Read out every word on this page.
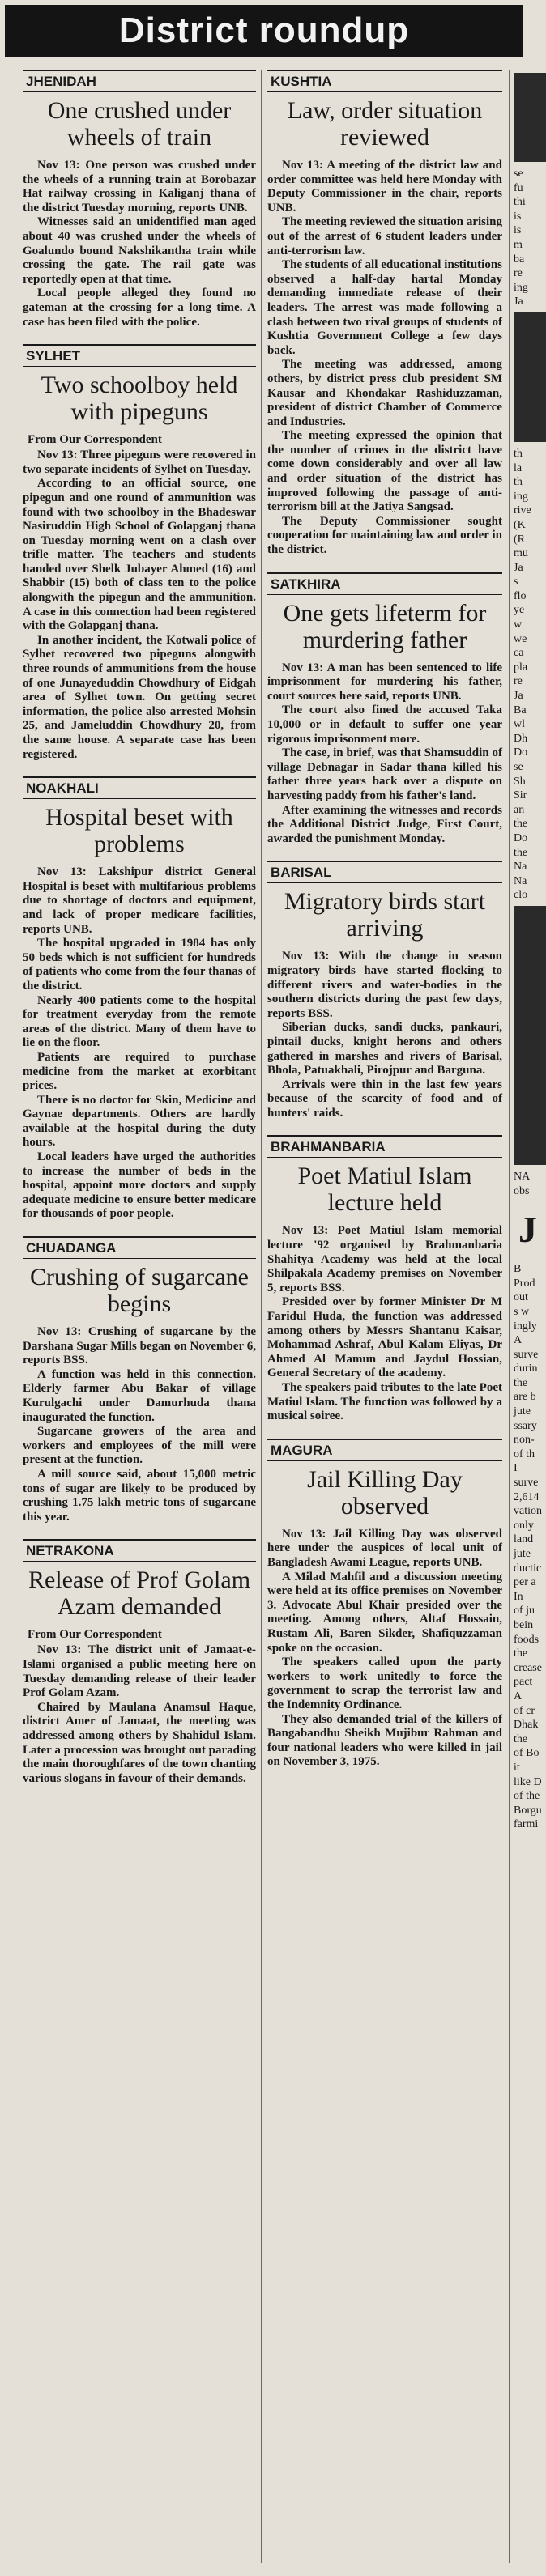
District roundup
JHENIDAH
One crushed under wheels of train

Nov 13: One person was crushed under the wheels of a running train at Borobazar Hat railway crossing in Kaliganj thana of the district Tuesday morning, reports UNB.

Witnesses said an unidentified man aged about 40 was crushed under the wheels of Goalundo bound Nakshikantha train while crossing the gate. The rail gate was reportedly open at that time.

Local people alleged they found no gateman at the crossing for a long time. A case has been filed with the police.

SYLHET
Two schoolboy held with pipeguns
From Our Correspondent

Nov 13: Three pipeguns were recovered in two separate incidents of Sylhet on Tuesday.

According to an official source, one pipegun and one round of ammunition was found with two schoolboy in the Bhadeswar Nasiruddin High School of Golapganj thana on Tuesday morning went on a clash over trifle matter. The teachers and students handed over Shelk Jubayer Ahmed (16) and Shabbir (15) both of class ten to the police alongwith the pipegun and the ammunition. A case in this connection had been registered with the Golapganj thana.

In another incident, the Kotwali police of Sylhet recovered two pipeguns alongwith three rounds of ammunitions from the house of one Junayeduddin Chowdhury of Eidgah area of Sylhet town. On getting secret information, the police also arrested Mohsin 25, and Jameluddin Chowdhury 20, from the same house. A separate case has been registered.

NOAKHALI
Hospital beset with problems

Nov 13: Lakshipur district General Hospital is beset with multifarious problems due to shortage of doctors and equipment, and lack of proper medicare facilities, reports UNB.

The hospital upgraded in 1984 has only 50 beds which is not sufficient for hundreds of patients who come from the four thanas of the district.

Nearly 400 patients come to the hospital for treatment everyday from the remote areas of the district. Many of them have to lie on the floor.

Patients are required to purchase medicine from the market at exorbitant prices.

There is no doctor for Skin, Medicine and Gaynae departments. Others are hardly available at the hospital during the duty hours.

Local leaders have urged the authorities to increase the number of beds in the hospital, appoint more doctors and supply adequate medicine to ensure better medicare for thousands of poor people.

CHUADANGA
Crushing of sugarcane begins

Nov 13: Crushing of sugarcane by the Darshana Sugar Mills began on November 6, reports BSS.

A function was held in this connection. Elderly farmer Abu Bakar of village Kurulgachi under Damurhuda thana inaugurated the function.

Sugarcane growers of the area and workers and employees of the mill were present at the function.

A mill source said, about 15,000 metric tons of sugar are likely to be produced by crushing 1.75 lakh metric tons of sugarcane this year.

NETRAKONA
Release of Prof Golam Azam demanded
From Our Correspondent

Nov 13: The district unit of Jamaat-e-Islami organised a public meeting here on Tuesday demanding release of their leader Prof Golam Azam.

Chaired by Maulana Anamsul Haque, district Amer of Jamaat, the meeting was addressed among others by Shahidul Islam. Later a procession was brought out parading the main thoroughfares of the town chanting various slogans in favour of their demands.

KUSHTIA
Law, order situation reviewed

Nov 13: A meeting of the district law and order committee was held here Monday with Deputy Commissioner in the chair, reports UNB.

The meeting reviewed the situation arising out of the arrest of 6 student leaders under anti-terrorism law.

The students of all educational institutions observed a half-day hartal Monday demanding immediate release of their leaders. The arrest was made following a clash between two rival groups of students of Kushtia Government College a few days back.

The meeting was addressed, among others, by district press club president SM Kausar and Khondakar Rashiduzzaman, president of district Chamber of Commerce and Industries.

The meeting expressed the opinion that the number of crimes in the district have come down considerably and over all law and order situation of the district has improved following the passage of anti-terrorism bill at the Jatiya Sangsad.

The Deputy Commissioner sought cooperation for maintaining law and order in the district.

SATKHIRA
One gets lifeterm for murdering father

Nov 13: A man has been sentenced to life imprisonment for murdering his father, court sources here said, reports UNB.

The court also fined the accused Taka 10,000 or in default to suffer one year rigorous imprisonment more.

The case, in brief, was that Shamsuddin of village Debnagar in Sadar thana killed his father three years back over a dispute on harvesting paddy from his father's land.

After examining the witnesses and records the Additional District Judge, First Court, awarded the punishment Monday.

BARISAL
Migratory birds start arriving

Nov 13: With the change in season migratory birds have started flocking to different rivers and water-bodies in the southern districts during the past few days, reports BSS.

Siberian ducks, sandi ducks, pankauri, pintail ducks, knight herons and others gathered in marshes and rivers of Barisal, Bhola, Patuakhali, Pirojpur and Barguna.

Arrivals were thin in the last few years because of the scarcity of food and of hunters' raids.

BRAHMANBARIA
Poet Matiul Islam lecture held

Nov 13: Poet Matiul Islam memorial lecture '92 organised by Brahmanbaria Shahitya Academy was held at the local Shilpakala Academy premises on November 5, reports BSS.

Presided over by former Minister Dr M Faridul Huda, the function was addressed among others by Messrs Shantanu Kaisar, Mohammad Ashraf, Abul Kalam Eliyas, Dr Ahmed Al Mamun and Jaydul Hossian, General Secretary of the academy.

The speakers paid tributes to the late Poet Matiul Islam. The function was followed by a musical soiree.

MAGURA
Jail Killing Day observed

Nov 13: Jail Killing Day was observed here under the auspices of local unit of Bangladesh Awami League, reports UNB.

A Milad Mahfil and a discussion meeting were held at its office premises on November 3. Advocate Abul Khair presided over the meeting. Among others, Altaf Hossain, Rustam Ali, Baren Sikder, Shafiquzzaman spoke on the occasion.

The speakers called upon the party workers to work unitedly to force the government to scrap the terrorist law and the Indemnity Ordinance.

They also demanded trial of the killers of Bangabandhu Sheikh Mujibur Rahman and four national leaders who were killed in jail on November 3, 1975.

se
fu
thi
is
is
m
ba
re
ing
Ja
th
la
th
ing
rive
(K
(R
mu
Ja
s
flo
ye
w
we
ca
pla
re
Ja
Ba
wl
Dh
Do
se
Sh
Sir
an
the
Do
the
Na
Na
clo
NA
obs
J
B
Prod
out
s w
ingly
A
surve
durin
the
are b
jute
ssary
non-
of th
I
surve
2,614
vation
only
land
jute
ductic
per a
In
of ju
bein
foods
the
crease
pact
A
of cr
Dhak
the
of Bo
it
like D
of the
Borgu
farmi
